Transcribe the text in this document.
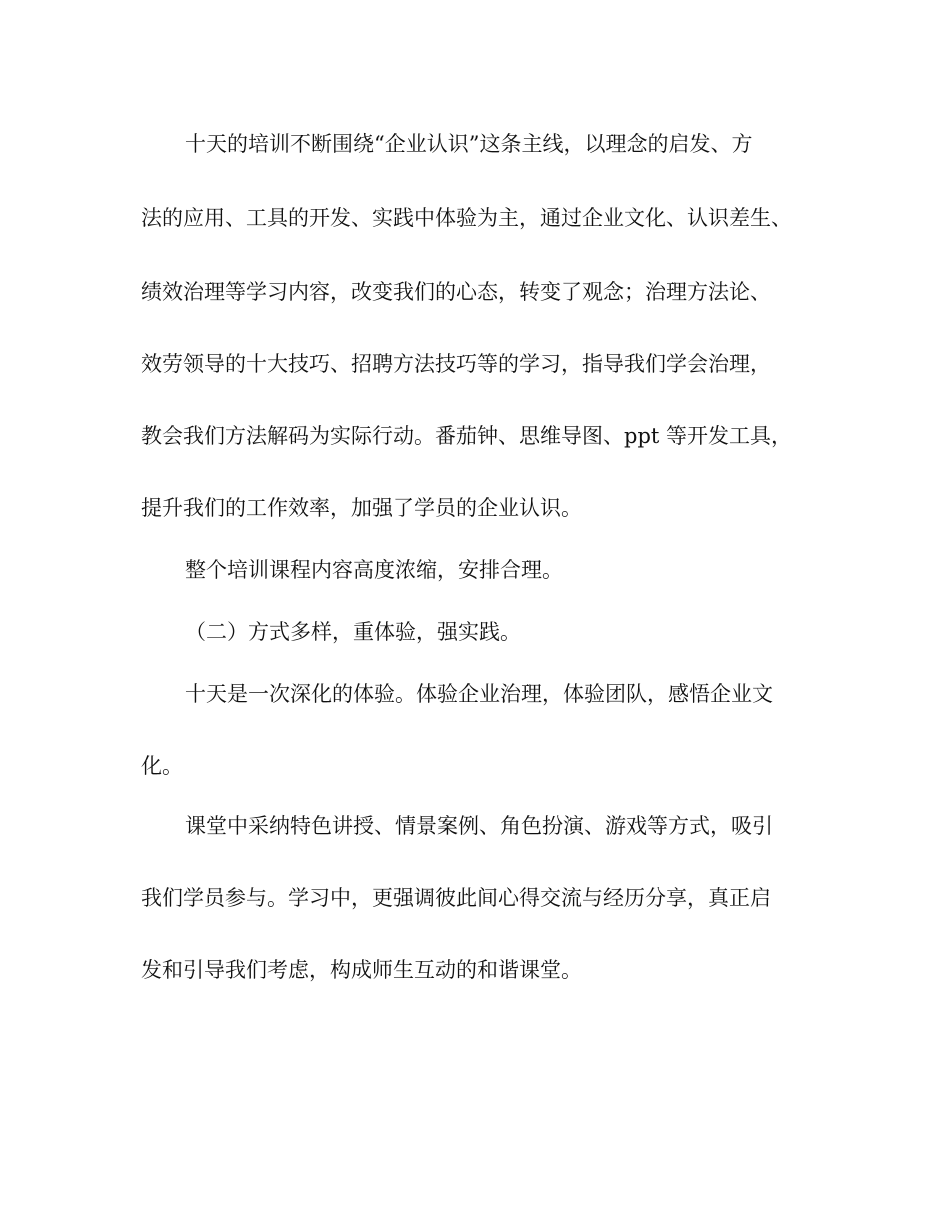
十天的培训不断围绕“企业认识”这条主线，以理念的启发、方
法的应用、工具的开发、实践中体验为主，通过企业文化、认识差生、
绩效治理等学习内容，改变我们的心态，转变了观念；治理方法论、
效劳领导的十大技巧、招聘方法技巧等的学习，指导我们学会治理，
教会我们方法解码为实际行动。番茄钟、思维导图、ppt 等开发工具，
提升我们的工作效率，加强了学员的企业认识。
整个培训课程内容高度浓缩，安排合理。
（二）方式多样，重体验，强实践。
十天是一次深化的体验。体验企业治理，体验团队，感悟企业文
化。
课堂中采纳特色讲授、情景案例、角色扮演、游戏等方式，吸引
我们学员参与。学习中，更强调彼此间心得交流与经历分享，真正启
发和引导我们考虑，构成师生互动的和谐课堂。
